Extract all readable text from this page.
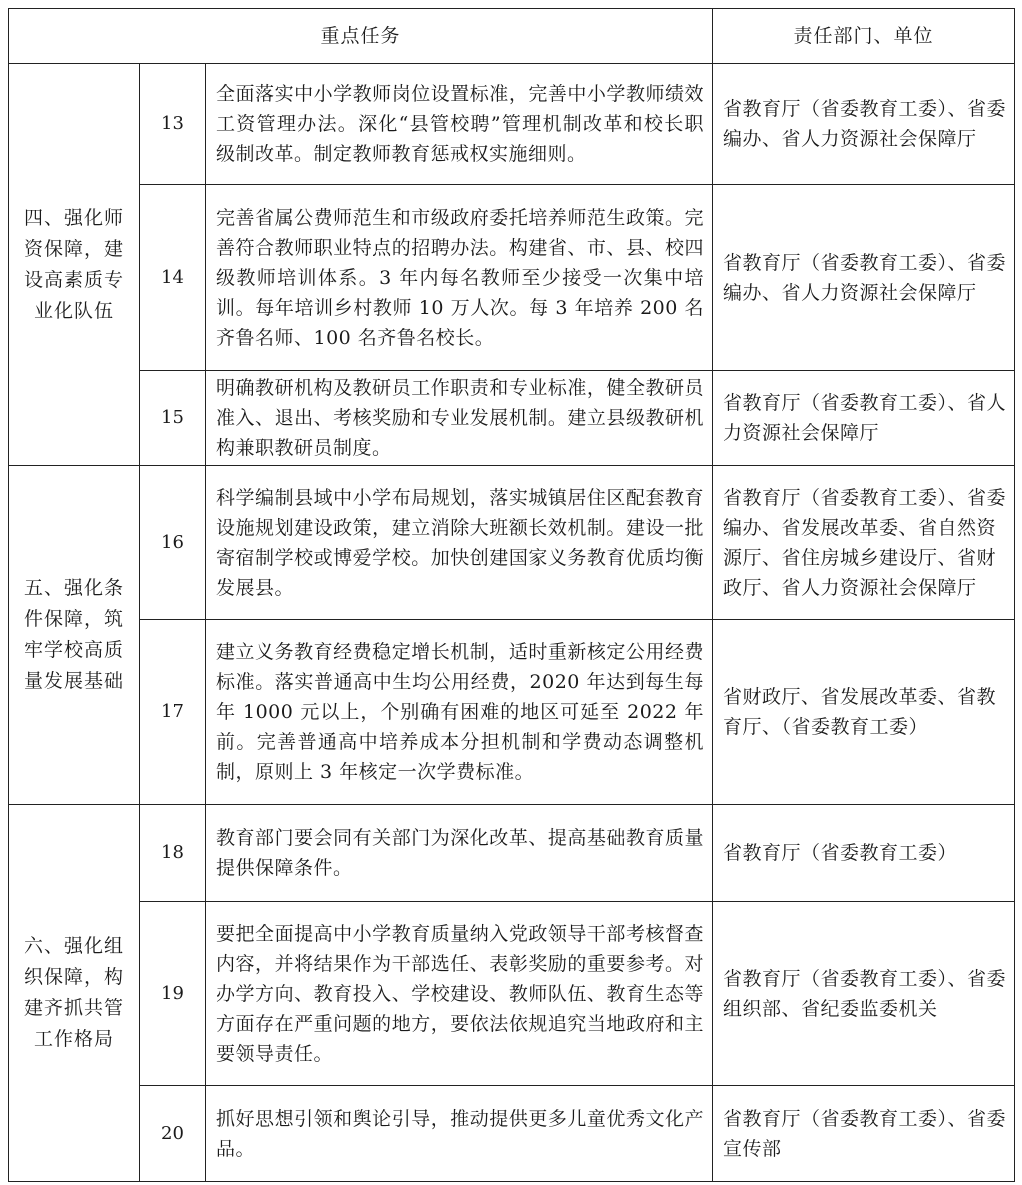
重点任务			责任部门、单位
四、强化师资保障，建设高素质专业化队伍	13	全面落实中小学教师岗位设置标准，完善中小学教师绩效工资管理办法。深化“县管校聘”管理机制改革和校长职级制改革。制定教师教育惩戒权实施细则。	省教育厅（省委教育工委）、省委编办、省人力资源社会保障厅
	14	完善省属公费师范生和市级政府委托培养师范生政策。完善符合教师职业特点的招聘办法。构建省、市、县、校四级教师培训体系。3 年内每名教师至少接受一次集中培训。每年培训乡村教师 10 万人次。每 3 年培养 200 名齐鲁名师、100 名齐鲁名校长。	省教育厅（省委教育工委）、省委编办、省人力资源社会保障厅
	15	明确教研机构及教研员工作职责和专业标准，健全教研员准入、退出、考核奖励和专业发展机制。建立县级教研机构兼职教研员制度。	省教育厅（省委教育工委）、省人力资源社会保障厅
五、强化条件保障，筑牢学校高质量发展基础	16	科学编制县域中小学布局规划，落实城镇居住区配套教育设施规划建设政策，建立消除大班额长效机制。建设一批寄宿制学校或博爱学校。加快创建国家义务教育优质均衡发展县。	省教育厅（省委教育工委）、省委编办、省发展改革委、省自然资源厅、省住房城乡建设厅、省财政厅、省人力资源社会保障厅
	17	建立义务教育经费稳定增长机制，适时重新核定公用经费标准。落实普通高中生均公用经费，2020 年达到每生每年 1000 元以上，个别确有困难的地区可延至 2022 年前。完善普通高中培养成本分担机制和学费动态调整机制，原则上 3 年核定一次学费标准。	省财政厅、省发展改革委、省教育厅、（省委教育工委）
六、强化组织保障，构建齐抓共管工作格局	18	教育部门要会同有关部门为深化改革、提高基础教育质量提供保障条件。	省教育厅（省委教育工委）
	19	要把全面提高中小学教育质量纳入党政领导干部考核督查内容，并将结果作为干部选任、表彰奖励的重要参考。对办学方向、教育投入、学校建设、教师队伍、教育生态等方面存在严重问题的地方，要依法依规追究当地政府和主要领导责任。	省教育厅（省委教育工委）、省委组织部、省纪委监委机关
	20	抓好思想引领和舆论引导，推动提供更多儿童优秀文化产品。	省教育厅（省委教育工委）、省委宣传部
